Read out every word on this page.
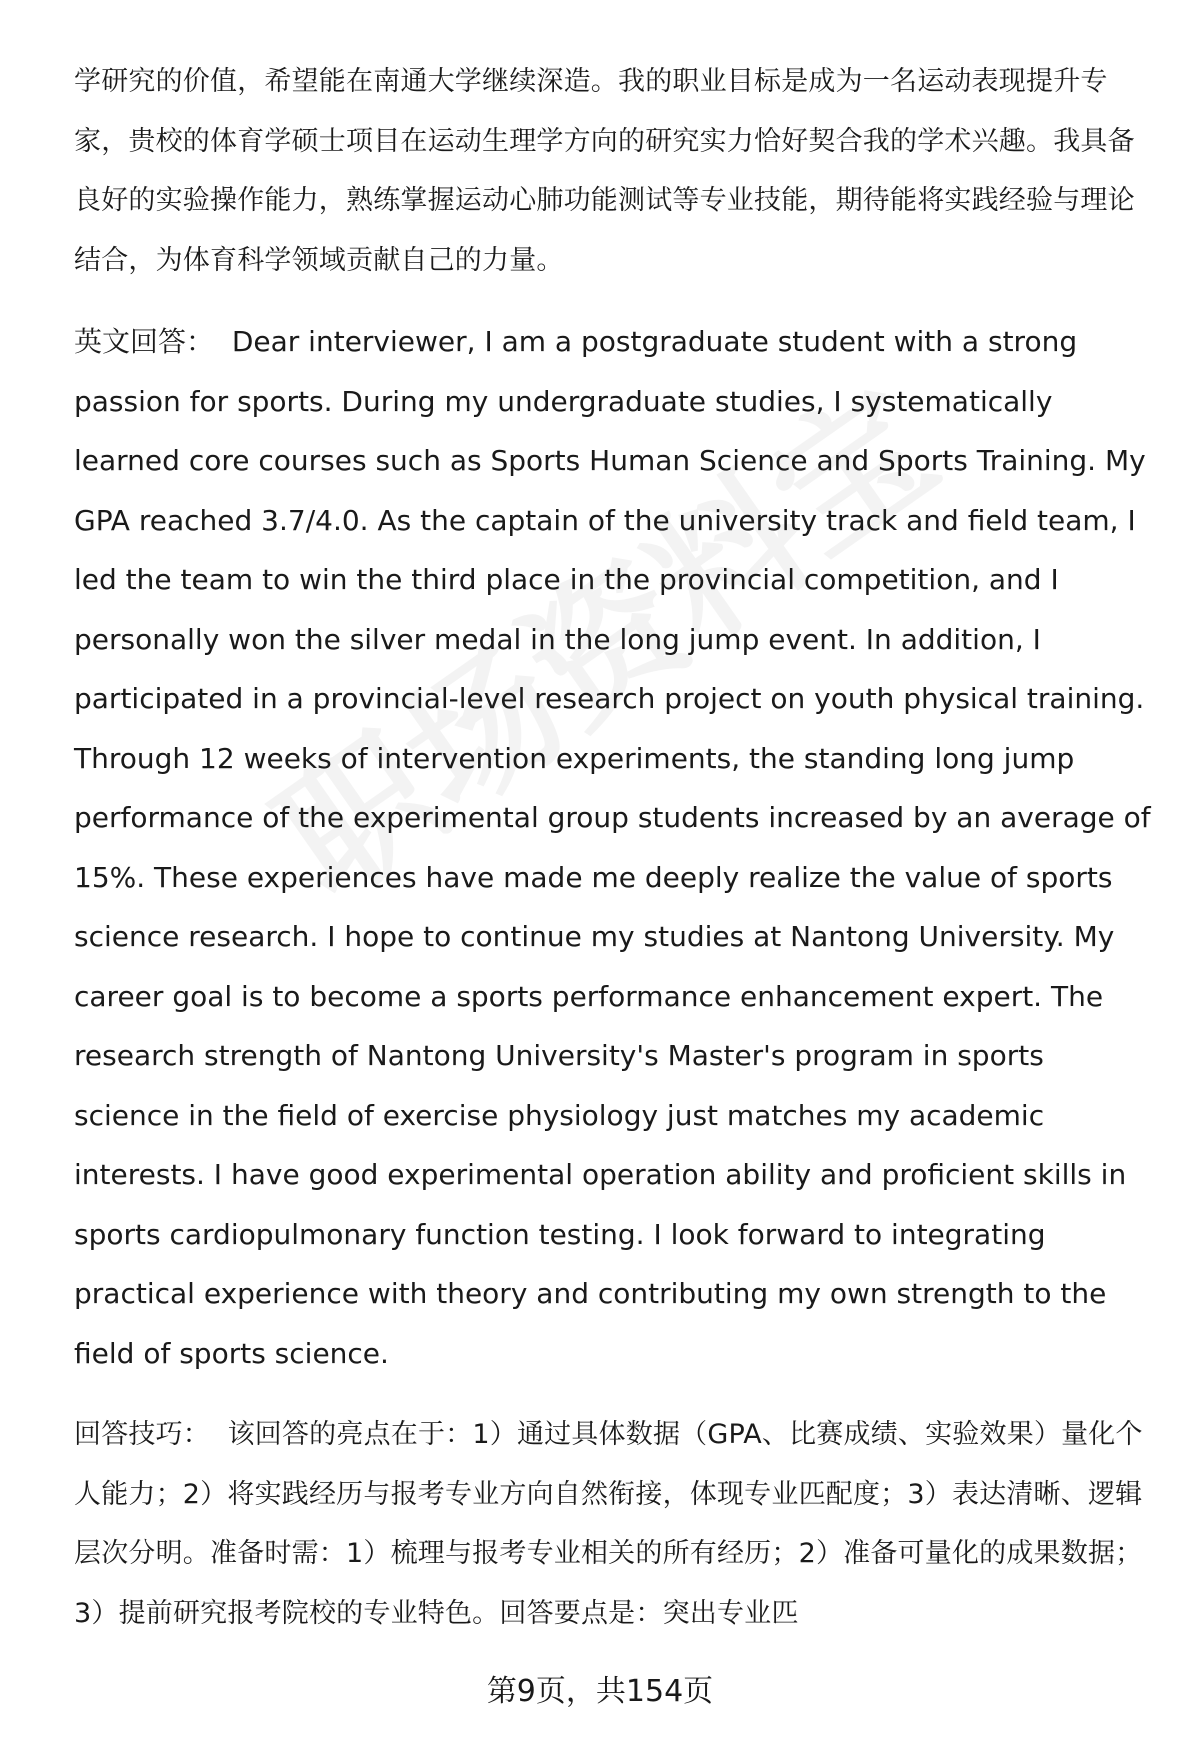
学研究的价值，希望能在南通大学继续深造。我的职业目标是成为一名运动表现提升专家，贵校的体育学硕士项目在运动生理学方向的研究实力恰好契合我的学术兴趣。我具备良好的实验操作能力，熟练掌握运动心肺功能测试等专业技能，期待能将实践经验与理论结合，为体育科学领域贡献自己的力量。

英文回答： Dear interviewer, I am a postgraduate student with a strong passion for sports. During my undergraduate studies, I systematically learned core courses such as Sports Human Science and Sports Training. My GPA reached 3.7/4.0. As the captain of the university track and field team, I led the team to win the third place in the provincial competition, and I personally won the silver medal in the long jump event. In addition, I participated in a provincial-level research project on youth physical training. Through 12 weeks of intervention experiments, the standing long jump performance of the experimental group students increased by an average of 15%. These experiences have made me deeply realize the value of sports science research. I hope to continue my studies at Nantong University. My career goal is to become a sports performance enhancement expert. The research strength of Nantong University's Master's program in sports science in the field of exercise physiology just matches my academic interests. I have good experimental operation ability and proficient skills in sports cardiopulmonary function testing. I look forward to integrating practical experience with theory and contributing my own strength to the field of sports science.

回答技巧： 该回答的亮点在于：1）通过具体数据（GPA、比赛成绩、实验效果）量化个人能力；2）将实践经历与报考专业方向自然衔接，体现专业匹配度；3）表达清晰、逻辑层次分明。准备时需：1）梳理与报考专业相关的所有经历；2）准备可量化的成果数据；3）提前研究报考院校的专业特色。回答要点是：突出专业匹

第9页，共154页
